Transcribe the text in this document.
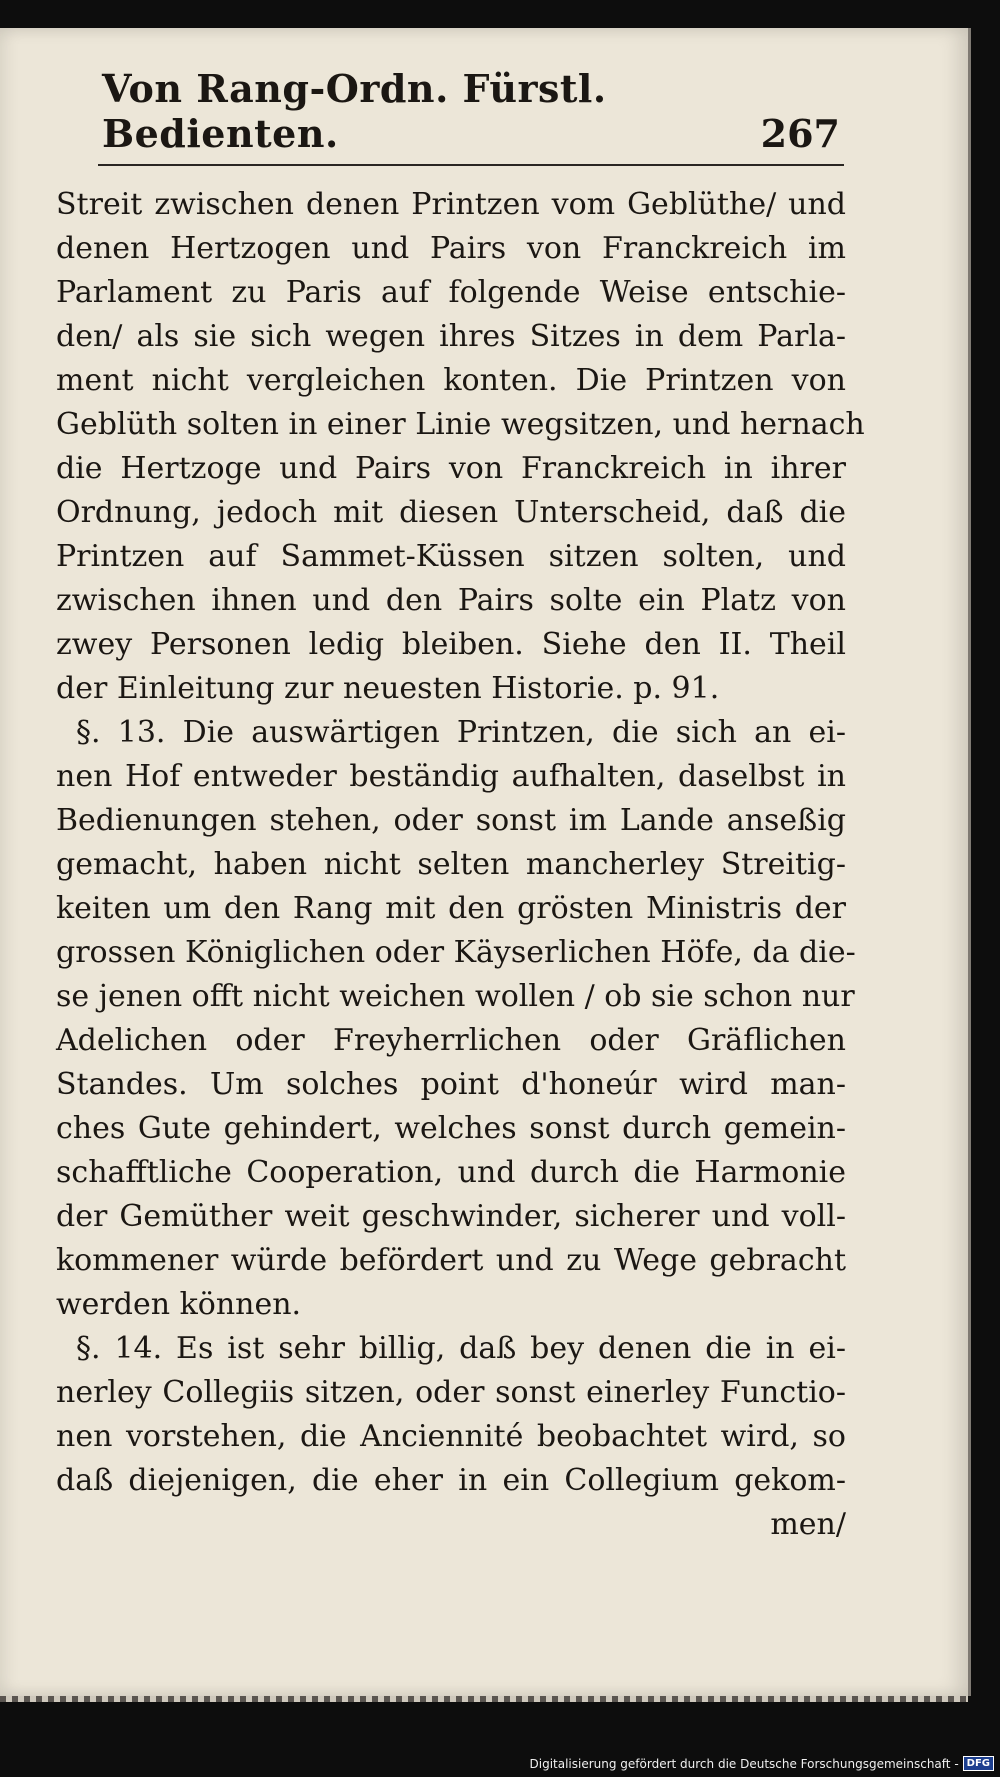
Von Rang-Ordn. Fürstl. Bedienten.	267
Streit zwischen denen Printzen vom Geblüthe/ und
denen Hertzogen und Pairs von Franckreich im
Parlament zu Paris auf folgende Weise entschie-
den/ als sie sich wegen ihres Sitzes in dem Parla-
ment nicht vergleichen konten. Die Printzen von
Geblüth solten in einer Linie wegsitzen, und hernach
die Hertzoge und Pairs von Franckreich in ihrer
Ordnung, jedoch mit diesen Unterscheid, daß die
Printzen auf Sammet-Küssen sitzen solten, und
zwischen ihnen und den Pairs solte ein Platz von
zwey Personen ledig bleiben. Siehe den II. Theil
der Einleitung zur neuesten Historie. p. 91.
§. 13. Die auswärtigen Printzen, die sich an ei-
nen Hof entweder beständig aufhalten, daselbst in
Bedienungen stehen, oder sonst im Lande anseßig
gemacht, haben nicht selten mancherley Streitig-
keiten um den Rang mit den grösten Ministris der
grossen Königlichen oder Käyserlichen Höfe, da die-
se jenen offt nicht weichen wollen / ob sie schon nur
Adelichen oder Freyherrlichen oder Gräflichen
Standes. Um solches point d'honeúr wird man-
ches Gute gehindert, welches sonst durch gemein-
schafftliche Cooperation, und durch die Harmonie
der Gemüther weit geschwinder, sicherer und voll-
kommener würde befördert und zu Wege gebracht
werden können.
§. 14. Es ist sehr billig, daß bey denen die in ei-
nerley Collegiis sitzen, oder sonst einerley Functio-
nen vorstehen, die Anciennité beobachtet wird, so
daß diejenigen, die eher in ein Collegium gekom-
men/
Digitalisierung gefördert durch die Deutsche Forschungsgemeinschaft - DFG
